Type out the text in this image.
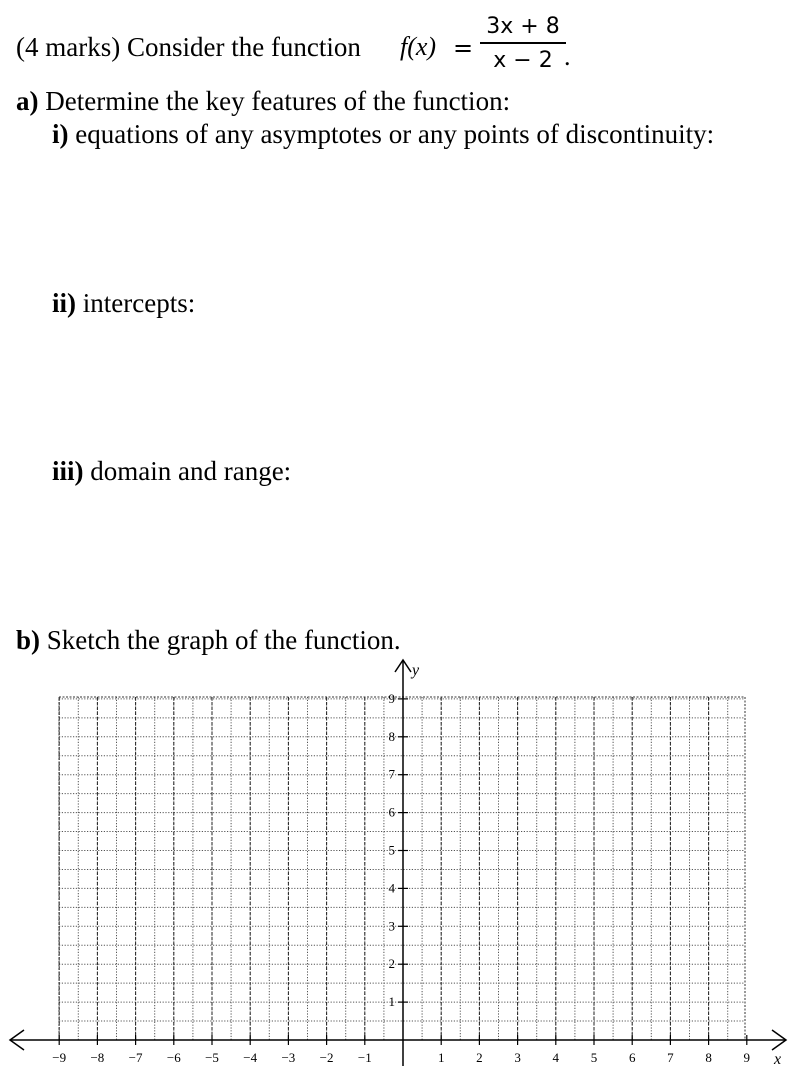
(4 marks) Consider the function f(x) =
3x + 8
x − 2 .
a) Determine the key features of the function:
i) equations of any asymptotes or any points of discontinuity:
ii) intercepts:
iii) domain and range:
b) Sketch the graph of the function.
y
x
1
2
3
4
5
6
7
8
9
−9 −8 −7 −6 −5 −4 −3 −2 −1	1 2 3 4 5 6 7 8 9
